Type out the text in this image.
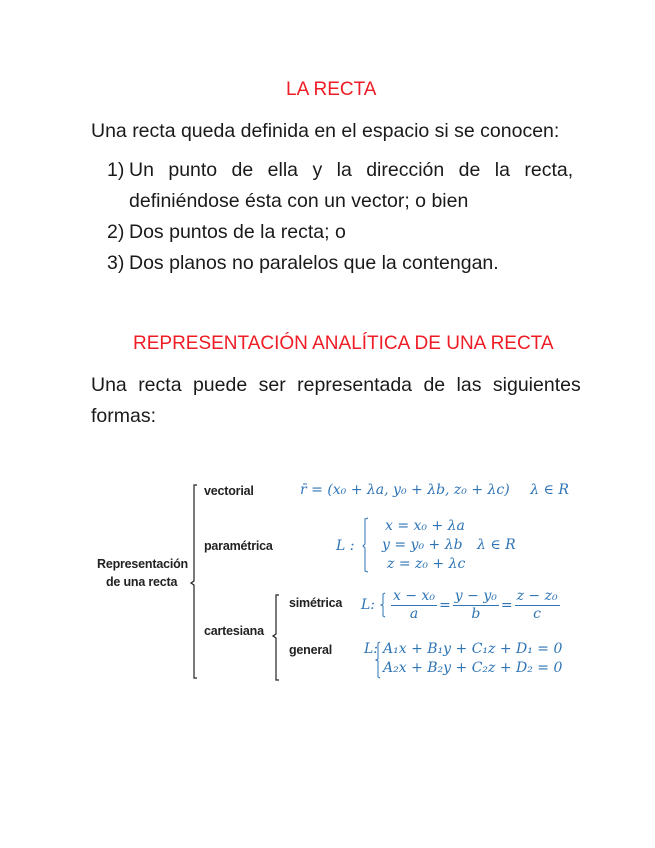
LA RECTA
Una recta queda definida en el espacio si se conocen:
1) Un punto de ella y la dirección de la recta,
definiéndose ésta con un vector; o bien
2) Dos puntos de la recta; o
3) Dos planos no paralelos que la contengan.
REPRESENTACIÓN ANALÍTICA DE UNA RECTA
Una recta puede ser representada de las siguientes
formas:
Representación
de una recta
vectorial
paramétrica
cartesiana
r̄ = (x₀ + λa, y₀ + λb, z₀ + λc) λ ∈ R
L :
x = x₀ + λa
y = y₀ + λb λ ∈ R
z = z₀ + λc
simétrica
general
L: $\frac{\text{x − x₀}}{a} = \frac{\text{y − y₀}}{b} = \frac{\text{z − z₀}}{c}$
L: A₁x + B₁y + C₁z + D₁ = 0
A₂x + B₂y + C₂z + D₂ = 0
